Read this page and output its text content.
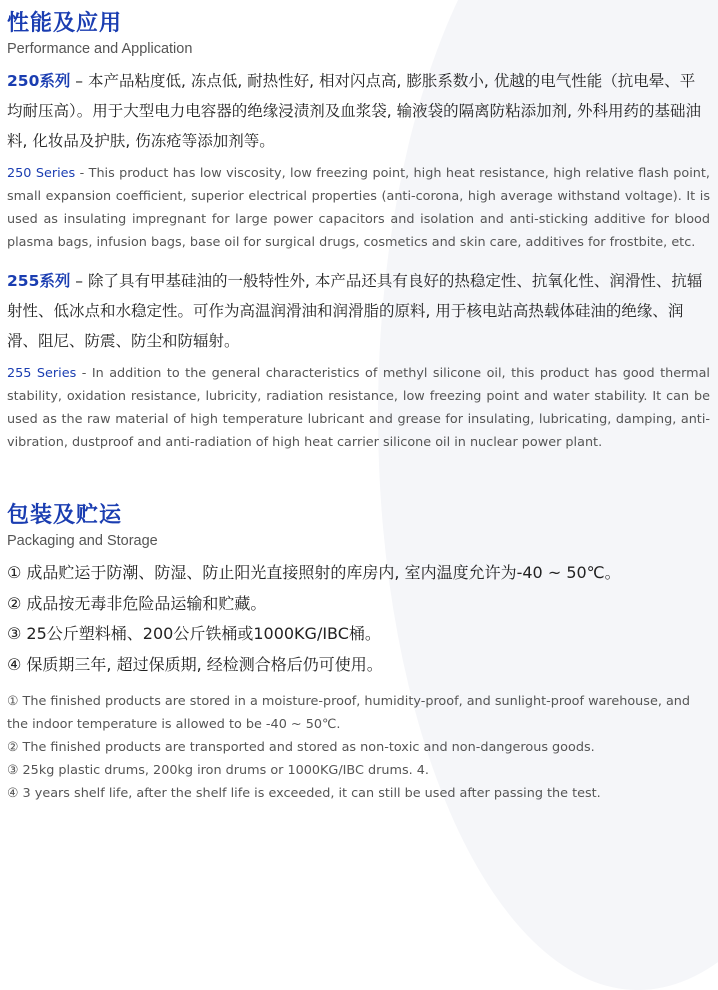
性能及应用
Performance and Application

250系列 – 本产品粘度低, 冻点低, 耐热性好, 相对闪点高, 膨胀系数小, 优越的电气性能（抗电晕、平均耐压高）。用于大型电力电容器的绝缘浸渍剂及血浆袋, 输液袋的隔离防粘添加剂, 外科用药的基础油料, 化妆品及护肤, 伤冻疮等添加剂等。

250 Series - This product has low viscosity, low freezing point, high heat resistance, high relative flash point, small expansion coefficient, superior electrical properties (anti-corona, high average withstand voltage). It is used as insulating impregnant for large power capacitors and isolation and anti-sticking additive for blood plasma bags, infusion bags, base oil for surgical drugs, cosmetics and skin care, additives for frostbite, etc.

255系列 – 除了具有甲基硅油的一般特性外, 本产品还具有良好的热稳定性、抗氧化性、润滑性、抗辐射性、低冰点和水稳定性。可作为高温润滑油和润滑脂的原料, 用于核电站高热载体硅油的绝缘、润滑、阻尼、防震、防尘和防辐射。

255 Series - In addition to the general characteristics of methyl silicone oil, this product has good thermal stability, oxidation resistance, lubricity, radiation resistance, low freezing point and water stability. It can be used as the raw material of high temperature lubricant and grease for insulating, lubricating, damping, anti-vibration, dustproof and anti-radiation of high heat carrier silicone oil in nuclear power plant.

包装及贮运
Packaging and Storage
① 成品贮运于防潮、防湿、防止阳光直接照射的库房内, 室内温度允许为-40 ~ 50℃。
② 成品按无毒非危险品运输和贮藏。
③ 25公斤塑料桶、200公斤铁桶或1000KG/IBC桶。
④ 保质期三年, 超过保质期, 经检测合格后仍可使用。
① The finished products are stored in a moisture-proof, humidity-proof, and sunlight-proof warehouse, and the indoor temperature is allowed to be -40 ~ 50℃.
② The finished products are transported and stored as non-toxic and non-dangerous goods.
③ 25kg plastic drums, 200kg iron drums or 1000KG/IBC drums. 4.
④ 3 years shelf life, after the shelf life is exceeded, it can still be used after passing the test.
